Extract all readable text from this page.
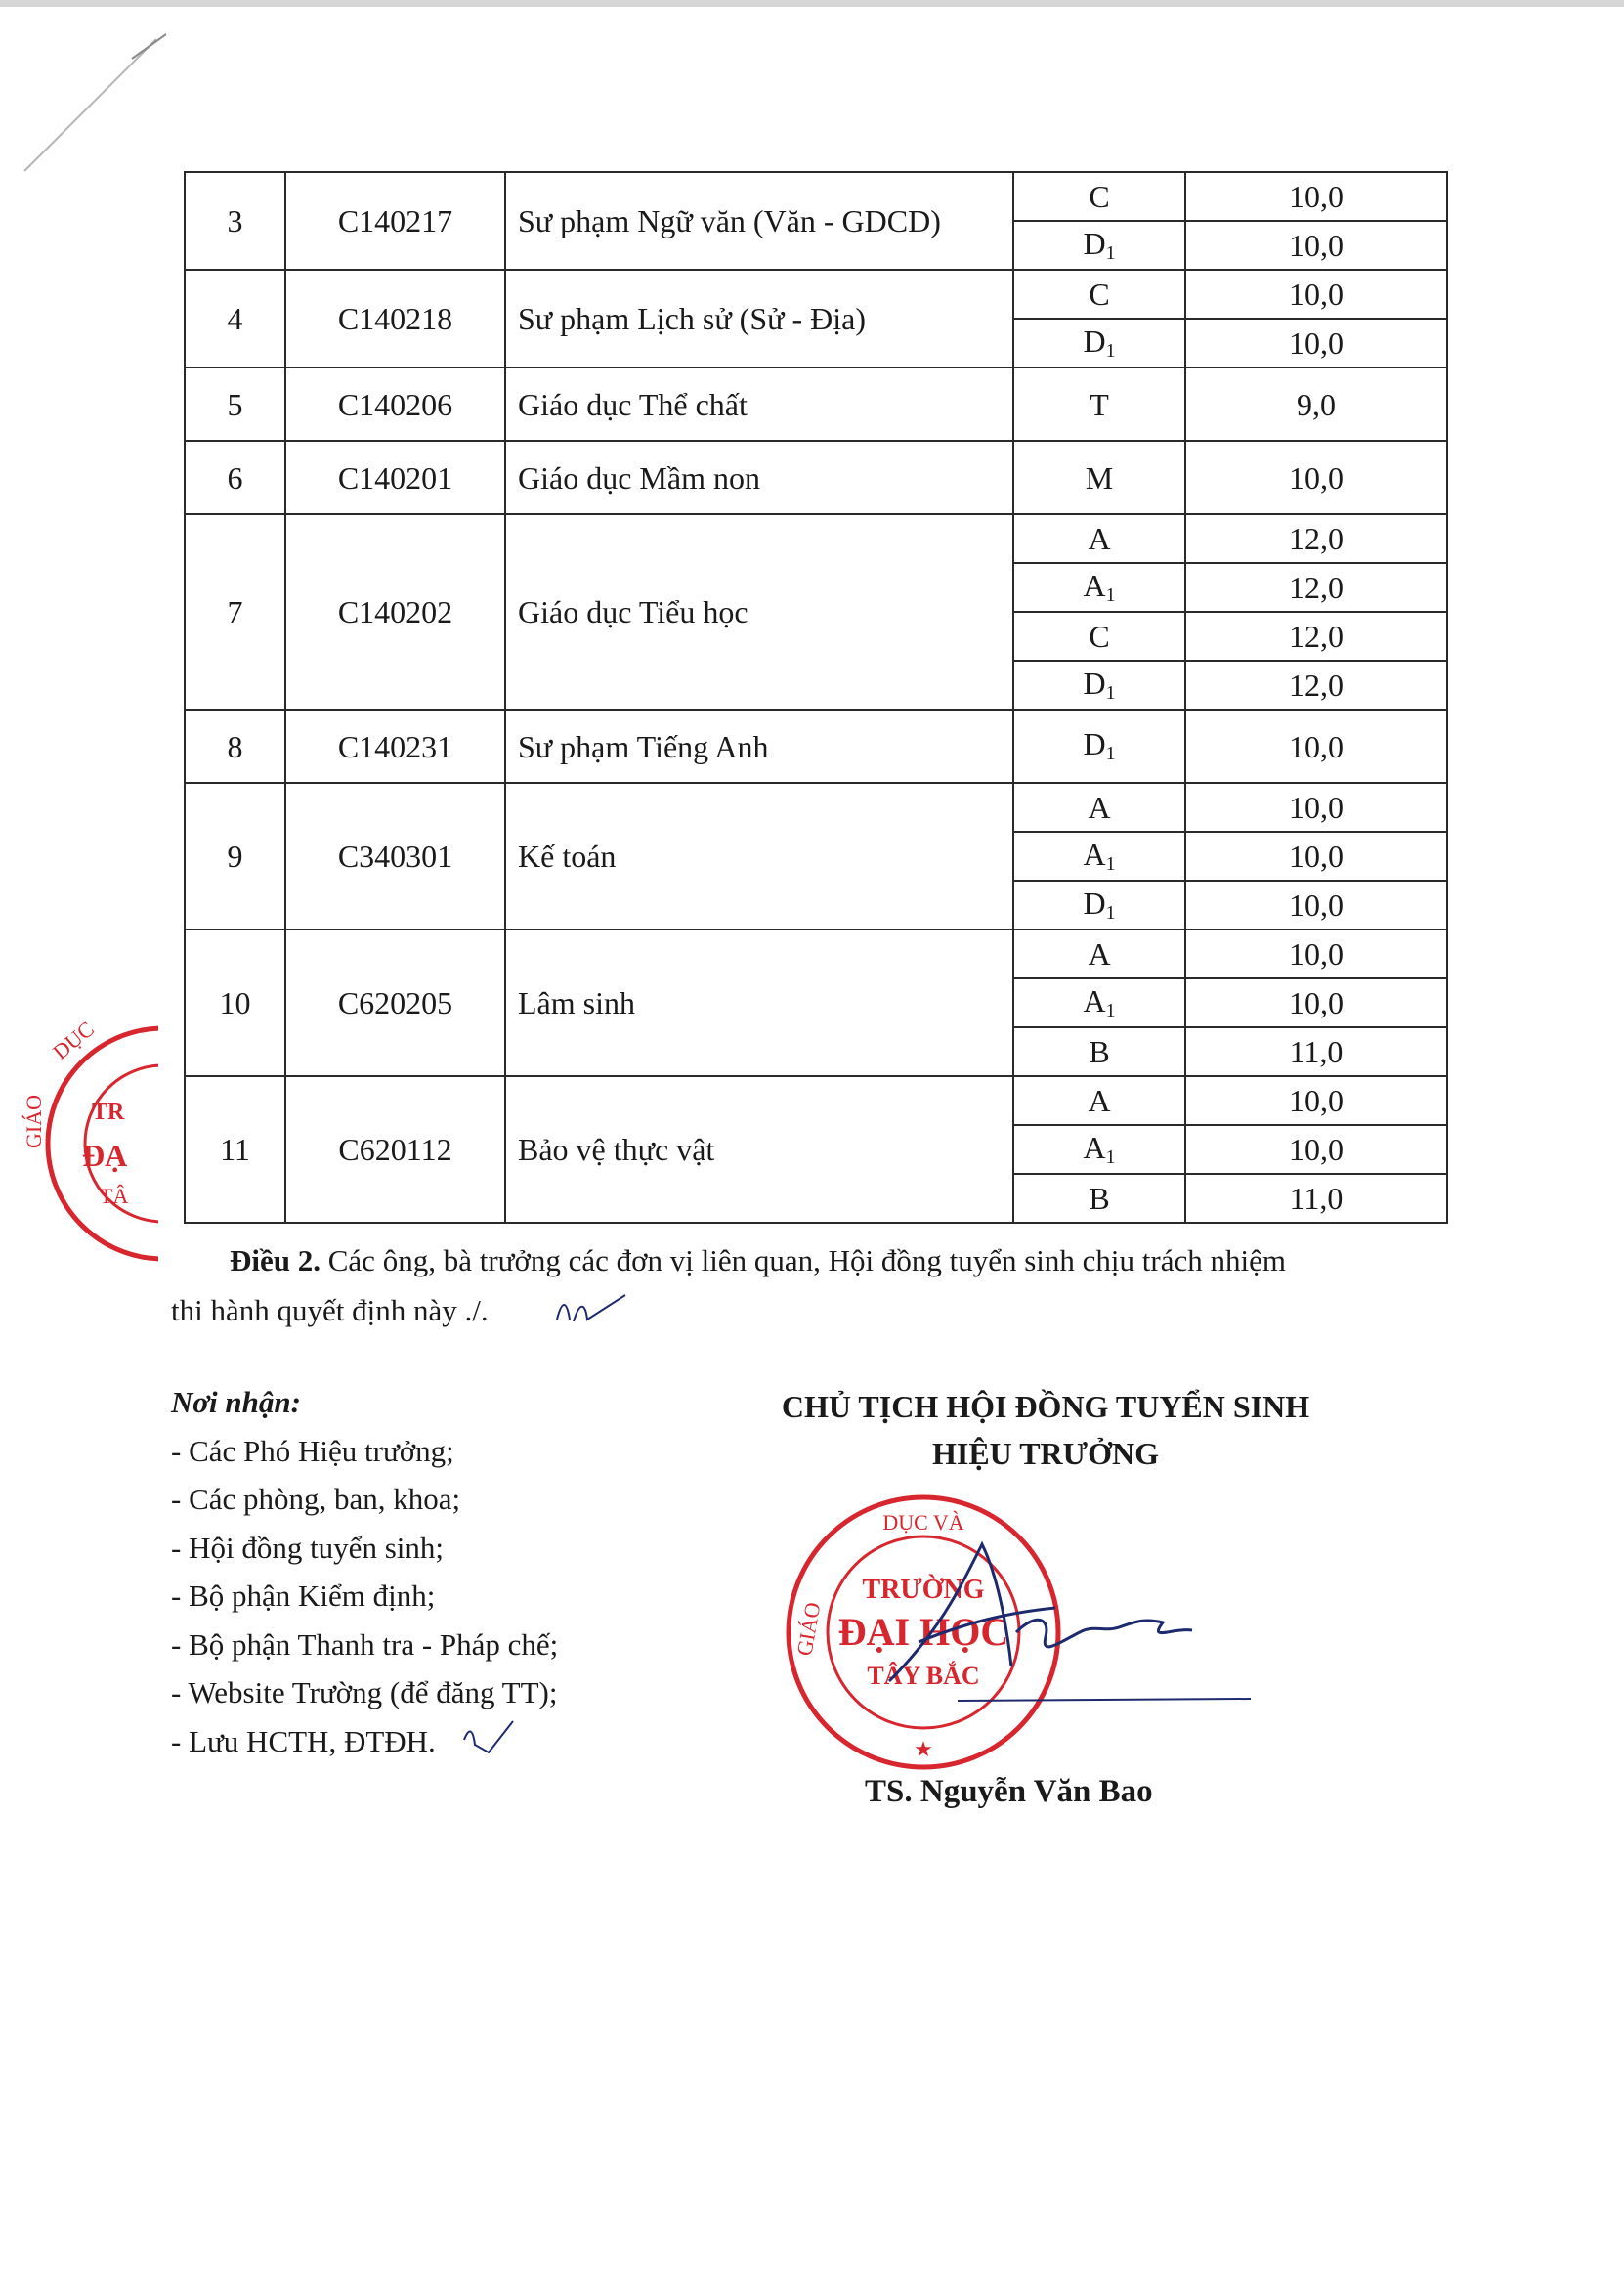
3	C140217	Sư phạm Ngữ văn (Văn - GDCD)	C	10,0
			$D_1$	10,0
4	C140218	Sư phạm Lịch sử (Sử - Địa)	C	10,0
			$D_1$	10,0
5	C140206	Giáo dục Thể chất	T	9,0
6	C140201	Giáo dục Mầm non	M	10,0
7	C140202	Giáo dục Tiểu học	A	12,0
			$A_1$	12,0
			C	12,0
			$D_1$	12,0
8	C140231	Sư phạm Tiếng Anh	$D_1$	10,0
9	C340301	Kế toán	A	10,0
			$A_1$	10,0
			$D_1$	10,0
10	C620205	Lâm sinh	A	10,0
			$A_1$	10,0
			B	11,0
11	C620112	Bảo vệ thực vật	A	10,0
			$A_1$	10,0
			B	11,0
TR
ĐẠ
TÂ
DỤC
GIÁO
Điều 2. Các ông, bà trưởng các đơn vị liên quan, Hội đồng tuyển sinh chịu trách nhiệm
thi hành quyết định này ./.
Nơi nhận:
- Các Phó Hiệu trưởng;
- Các phòng, ban, khoa;
- Hội đồng tuyển sinh;
- Bộ phận Kiểm định;
- Bộ phận Thanh tra - Pháp chế;
- Website Trường (để đăng TT);
- Lưu HCTH, ĐTĐH.
CHỦ TỊCH HỘI ĐỒNG TUYỂN SINH
HIỆU TRƯỞNG
TRƯỜNG
ĐẠI HỌC
TÂY BẮC
DỤC VÀ
GIÁO
★
TS. Nguyễn Văn Bao
